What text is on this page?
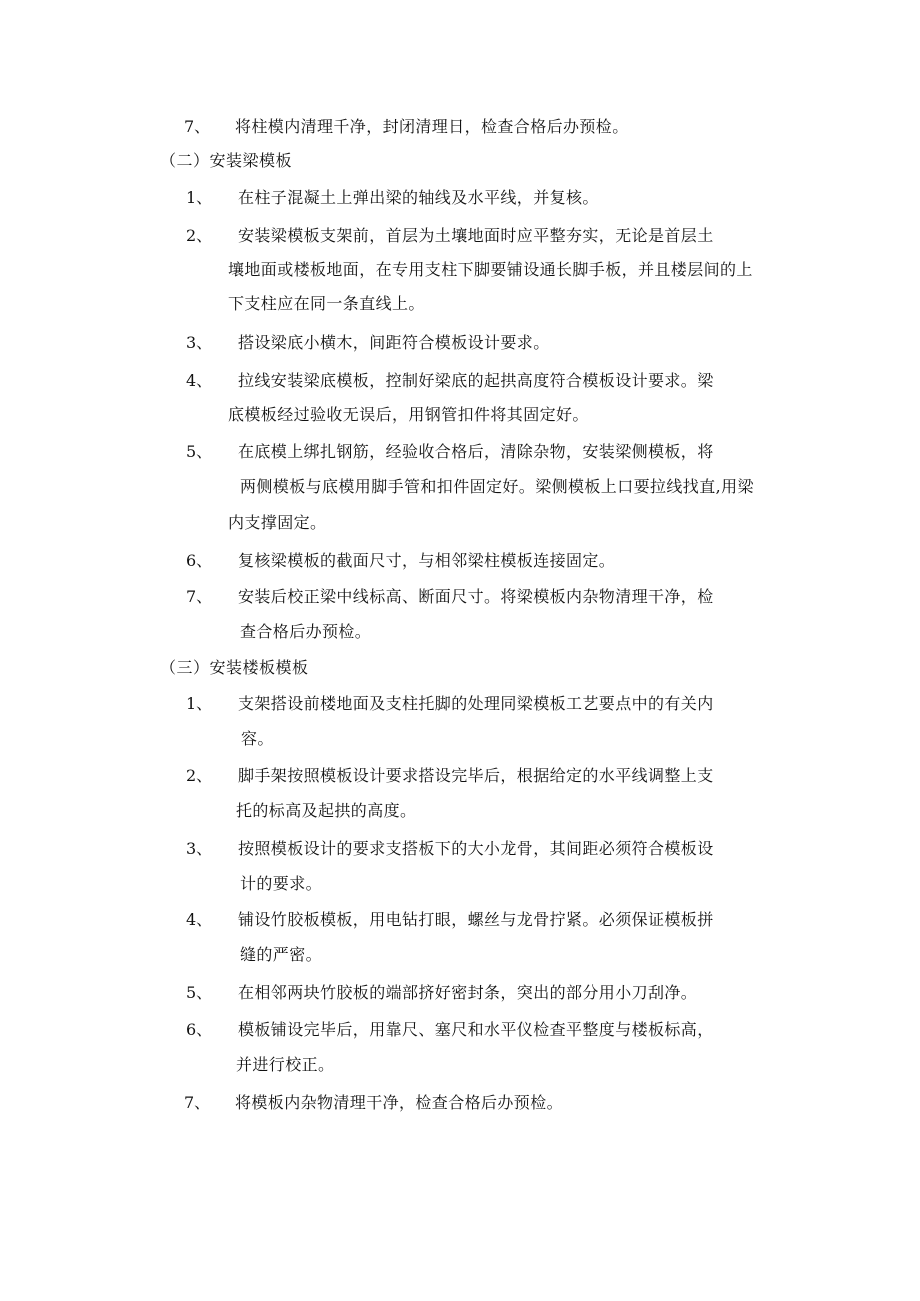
7、 将柱模内清理千净，封闭清理日，检查合格后办预检。
（二）安装梁模板
1、 在柱子混凝土上弹出梁的轴线及水平线，并复核。
2、 安装梁模板支架前，首层为土壤地面时应平整夯实，无论是首层土
壤地面或楼板地面，在专用支柱下脚要铺设通长脚手板，并且楼层间的上
下支柱应在同一条直线上。
3、 搭设梁底小横木，间距符合模板设计要求。
4、 拉线安装梁底模板，控制好梁底的起拱高度符合模板设计要求。梁
底模板经过验收无误后，用钢管扣件将其固定好。
5、 在底模上绑扎钢筋，经验收合格后，清除杂物，安装梁侧模板，将
两侧模板与底模用脚手管和扣件固定好。梁侧模板上口要拉线找直,用梁
内支撑固定。
6、 复核梁模板的截面尺寸，与相邻梁柱模板连接固定。
7、 安装后校正梁中线标高、断面尺寸。将梁模板内杂物清理干净，检
查合格后办预检。
（三）安装楼板模板
1、 支架搭设前楼地面及支柱托脚的处理同梁模板工艺要点中的有关内
容。
2、 脚手架按照模板设计要求搭设完毕后，根据给定的水平线调整上支
托的标高及起拱的高度。
3、 按照模板设计的要求支搭板下的大小龙骨，其间距必须符合模板设
计的要求。
4、 铺设竹胶板模板，用电钻打眼，螺丝与龙骨拧紧。必须保证模板拼
缝的严密。
5、 在相邻两块竹胶板的端部挤好密封条，突出的部分用小刀刮净。
6、 模板铺设完毕后，用靠尺、塞尺和水平仪检查平整度与楼板标高，
并进行校正。
7、 将模板内杂物清理干净，检查合格后办预检。
